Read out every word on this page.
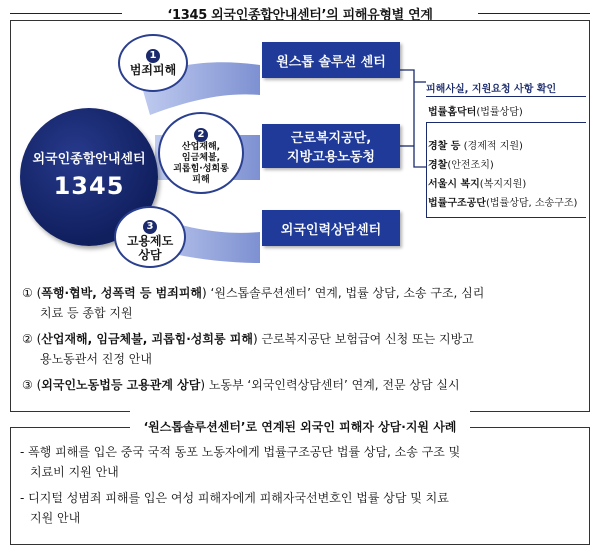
‘1345 외국인종합안내센터’의 피해유형별 연계
외국인종합안내센터
1345
1
범죄피해
2
산업재해,
임금체불,
괴롭힘·성희롱
피해
3
고용제도
상담
원스톱 솔루션 센터
근로복지공단,
지방고용노동청
외국인력상담센터
피해사실, 지원요청 사항 확인
법률홈닥터(법률상담)
경찰 등 (경제적 지원)
경찰(안전조치)
서울시 복지(복지지원)
법률구조공단(법률상담, 소송구조)
① (폭행·협박, 성폭력 등 범죄피해) ‘원스톱솔루션센터’ 연계, 법률 상담, 소송 구조, 심리
치료 등 종합 지원
② (산업재해, 임금체불, 괴롭힘·성희롱 피해) 근로복지공단 보험급여 신청 또는 지방고
용노동관서 진정 안내
③ (외국인노동법등 고용관계 상담) 노동부 ‘외국인력상담센터’ 연계, 전문 상담 실시
‘원스톱솔루션센터’로 연계된 외국인 피해자 상담·지원 사례
- 폭행 피해를 입은 중국 국적 동포 노동자에게 법률구조공단 법률 상담, 소송 구조 및
치료비 지원 안내
- 디지털 성범죄 피해를 입은 여성 피해자에게 피해자국선변호인 법률 상담 및 치료
지원 안내
